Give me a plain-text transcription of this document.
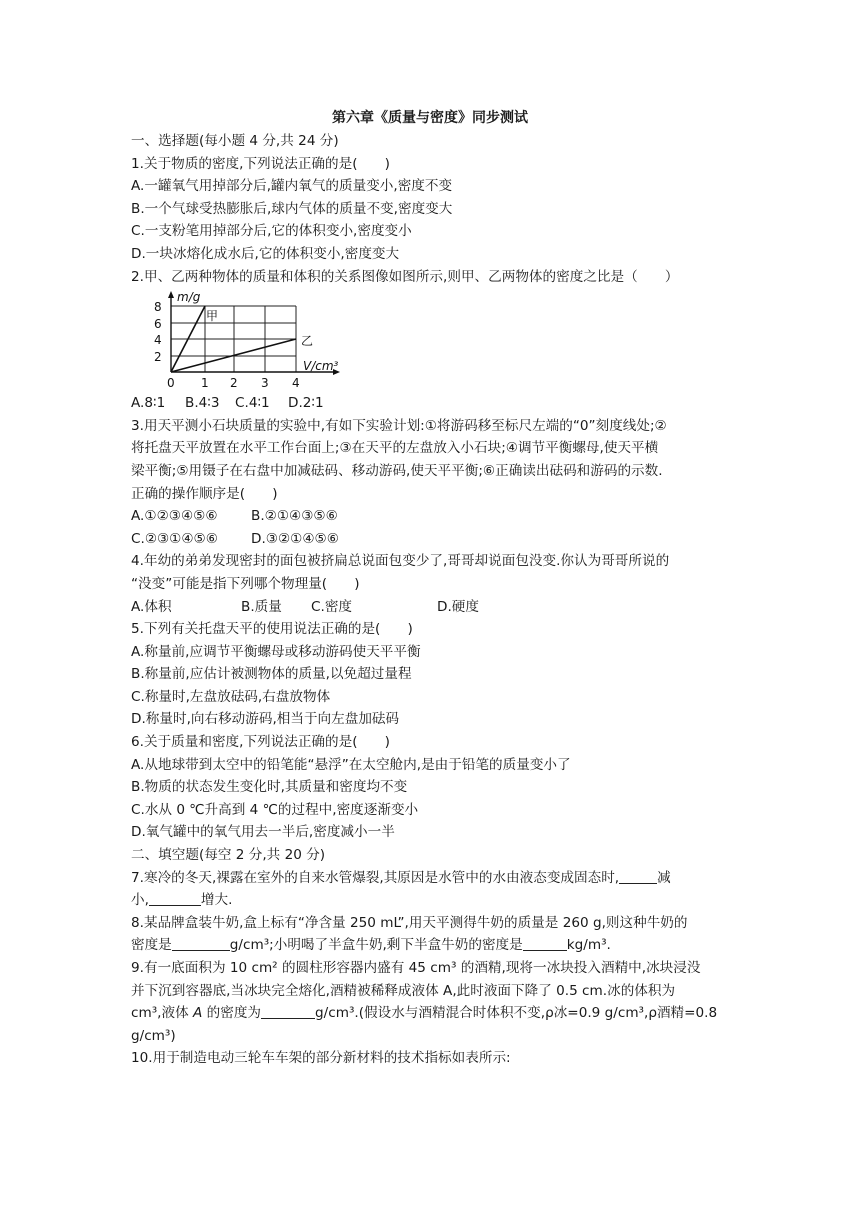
第六章《质量与密度》同步测试
一、选择题(每小题 4 分,共 24 分)
1.关于物质的密度,下列说法正确的是(　　)
A.一罐氧气用掉部分后,罐内氧气的质量变小,密度不变
B.一个气球受热膨胀后,球内气体的质量不变,密度变大
C.一支粉笔用掉部分后,它的体积变小,密度变小
D.一块冰熔化成水后,它的体积变小,密度变大
2.甲、乙两种物体的质量和体积的关系图像如图所示,则甲、乙两物体的密度之比是（　　）
m/g
8
6
4
2
0 1 2 3 4
V/cm³
甲
乙
A.8∶1 B.4∶3 C.4∶1 D.2∶1
3.用天平测小石块质量的实验中,有如下实验计划:①将游码移至标尺左端的“0”刻度线处;②
将托盘天平放置在水平工作台面上;③在天平的左盘放入小石块;④调节平衡螺母,使天平横
梁平衡;⑤用镊子在右盘中加减砝码、移动游码,使天平平衡;⑥正确读出砝码和游码的示数.
正确的操作顺序是(　　)
A.①②③④⑤⑥ B.②①④③⑤⑥
C.②③①④⑤⑥ D.③②①④⑤⑥
4.年幼的弟弟发现密封的面包被挤扁总说面包变少了,哥哥却说面包没变.你认为哥哥所说的
“没变”可能是指下列哪个物理量(　　)
A.体积	B.质量 C.密度	D.硬度
5.下列有关托盘天平的使用说法正确的是(　　)
A.称量前,应调节平衡螺母或移动游码使天平平衡
B.称量前,应估计被测物体的质量,以免超过量程
C.称量时,左盘放砝码,右盘放物体
D.称量时,向右移动游码,相当于向左盘加砝码
6.关于质量和密度,下列说法正确的是(　　)
A.从地球带到太空中的铅笔能“悬浮”在太空舱内,是由于铅笔的质量变小了
B.物质的状态发生变化时,其质量和密度均不变
C.水从 0 ℃升高到 4 ℃的过程中,密度逐渐变小
D.氧气罐中的氧气用去一半后,密度减小一半
二、填空题(每空 2 分,共 20 分)
7.寒冷的冬天,裸露在室外的自来水管爆裂,其原因是水管中的水由液态变成固态时,	减
小,	增大.
8.某品牌盒装牛奶,盒上标有“净含量 250 mL”,用天平测得牛奶的质量是 260 g,则这种牛奶的
密度是	g/cm³;小明喝了半盒牛奶,剩下半盒牛奶的密度是	kg/m³.
9.有一底面积为 10 cm² 的圆柱形容器内盛有 45 cm³ 的酒精,现将一冰块投入酒精中,冰块浸没
并下沉到容器底,当冰块完全熔化,酒精被稀释成液体 A,此时液面下降了 0.5 cm.冰的体积为
cm³,液体 A 的密度为	g/cm³.(假设水与酒精混合时体积不变,ρ冰=0.9 g/cm³,ρ酒精=0.8
g/cm³)
10.用于制造电动三轮车车架的部分新材料的技术指标如表所示:
